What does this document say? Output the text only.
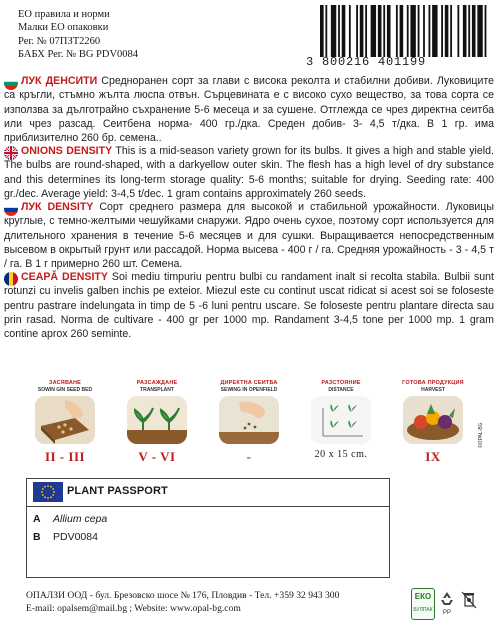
ЕО правила и норми
Малки ЕО опаковки
Рег. № 07ПЗТ2260
БАБХ Рег. № BG PDV0084
3 800216 401199

ЛУК ДЕНСИТИ Средноранен сорт за глави с висока реколта и стабилни добиви. Луковиците са кръгли, стъмно жълта люспа отвън. Сърцевината е с високо сухо вещество, за това сорта се използва за дълготрайно съхранение 5-6 месеца и за сушене. Отглежда се чрез директна сеитба или чрез разсад. Сеитбена норма- 400 гр./дка. Среден добив- 3- 4,5 т/дка. В 1 гр. има приблизително 260 бр. семена..

ONIONS DENSITY This is a mid-season variety grown for its bulbs. It gives a high and stable yield. The bulbs are round-shaped, with a darkyellow outer skin. The flesh has a high level of dry substance and this determines its long-term storage quality: 5-6 months; suitable for drying. Seeding rate: 400 gr./dec. Average yield: 3-4,5 t/dec. 1 gram contains approximately 260 seeds.

ЛУК DENSITY Сорт среднего размера для высокой и стабильной урожайности. Луковицы круглые, с темно-желтыми чешуйками снаружи. Ядро очень сухое, поэтому сорт используется для длительного хранения в течение 5-6 месяцев и для сушки. Выращивается непосредственным высевом в окрытый грунт или рассадой. Норма высева - 400 г / га. Средняя урожайность - 3 - 4,5 т / га. В 1 г примерно 260 шт. Семена.

CEAPĂ DENSITY Soi mediu timpuriu pentru bulbi cu randament inalt si recolta stabila. Bulbii sunt rotunzi cu invelis galben inchis pe exteior. Miezul este cu continut uscat ridicat si acest soi se foloseste pentru pastrare indelungata in timp de 5 -6 luni pentru uscare. Se foloseste pentru plantare directa sau prin rasad. Norma de cultivare - 400 gr per 1000 mp. Randament 3-4,5 tone per 1000 mp. 1 gram contine aprox 260 seminte.

ЗАСЯВАНЕ
SOWIN GIN SEED BED
II - III
РАЗСАЖДАНЕ
TRANSPLANT
V - VI
ДИРЕКТНА СЕИТБА
SEWING IN OPENFIELD
-
РАЗСТОЯНИЕ
DISTANCE
20 x 15 cm.
ГОТОВА ПРОДУКЦИЯ
HARVEST
IX
©OPAL-BG
PLANT PASSPORT
A Allium cepa
B PDV0084
ОПАЛЗИ ООД - бул. Брезовско шосе № 176, Пловдив - Тел. +359 32 943 300
E-mail: opalsem@mail.bg ; Website: www.opal-bg.com
ЕКО
БУЛПАК	PP
